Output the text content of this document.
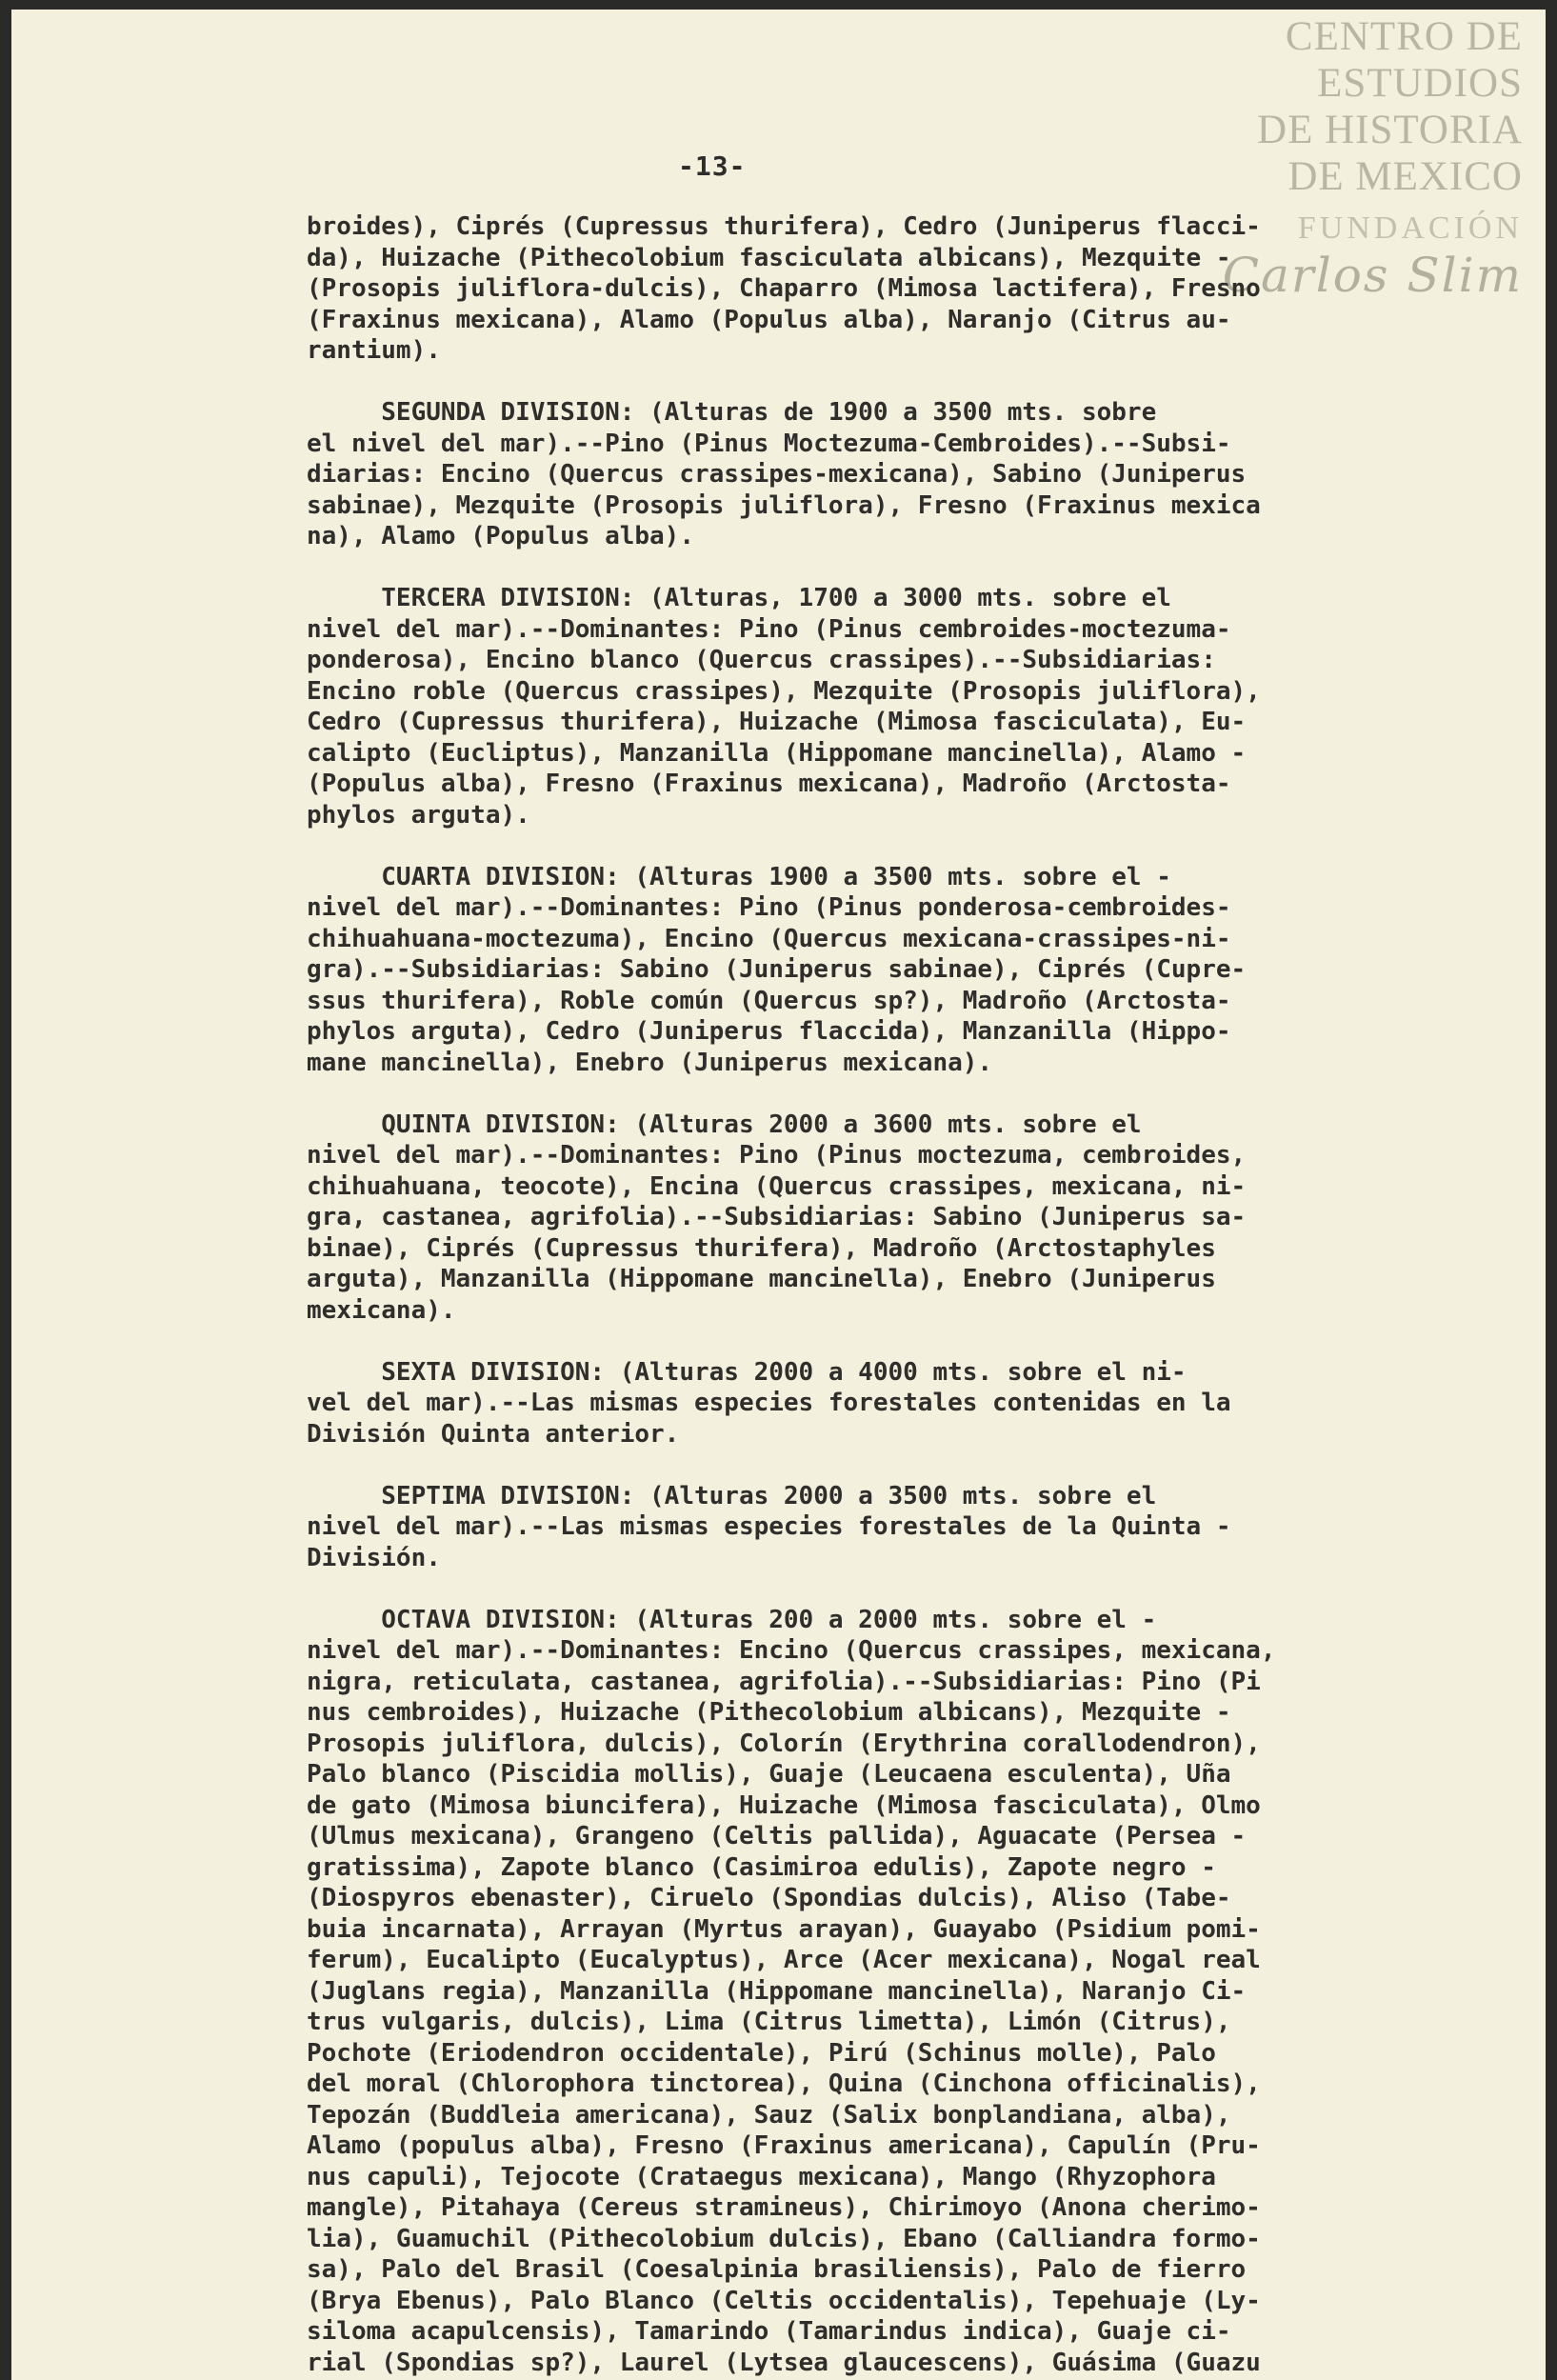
CENTRO DE
ESTUDIOS
DE HISTORIA
DE MEXICO
FUNDACIÓN
Carlos Slim
-13-
broides), Ciprés (Cupressus thurifera), Cedro (Juniperus flacci-
da), Huizache (Pithecolobium fasciculata albicans), Mezquite -
(Prosopis juliflora-dulcis), Chaparro (Mimosa lactifera), Fresno
(Fraxinus mexicana), Alamo (Populus alba), Naranjo (Citrus au-
rantium).
SEGUNDA DIVISION: (Alturas de 1900 a 3500 mts. sobre
el nivel del mar).--Pino (Pinus Moctezuma-Cembroides).--Subsi-
diarias: Encino (Quercus crassipes-mexicana), Sabino (Juniperus
sabinae), Mezquite (Prosopis juliflora), Fresno (Fraxinus mexica
na), Alamo (Populus alba).
TERCERA DIVISION: (Alturas, 1700 a 3000 mts. sobre el
nivel del mar).--Dominantes: Pino (Pinus cembroides-moctezuma-
ponderosa), Encino blanco (Quercus crassipes).--Subsidiarias:
Encino roble (Quercus crassipes), Mezquite (Prosopis juliflora),
Cedro (Cupressus thurifera), Huizache (Mimosa fasciculata), Eu-
calipto (Eucliptus), Manzanilla (Hippomane mancinella), Alamo -
(Populus alba), Fresno (Fraxinus mexicana), Madroño (Arctosta-
phylos arguta).
CUARTA DIVISION: (Alturas 1900 a 3500 mts. sobre el -
nivel del mar).--Dominantes: Pino (Pinus ponderosa-cembroides-
chihuahuana-moctezuma), Encino (Quercus mexicana-crassipes-ni-
gra).--Subsidiarias: Sabino (Juniperus sabinae), Ciprés (Cupre-
ssus thurifera), Roble común (Quercus sp?), Madroño (Arctosta-
phylos arguta), Cedro (Juniperus flaccida), Manzanilla (Hippo-
mane mancinella), Enebro (Juniperus mexicana).
QUINTA DIVISION: (Alturas 2000 a 3600 mts. sobre el
nivel del mar).--Dominantes: Pino (Pinus moctezuma, cembroides,
chihuahuana, teocote), Encina (Quercus crassipes, mexicana, ni-
gra, castanea, agrifolia).--Subsidiarias: Sabino (Juniperus sa-
binae), Ciprés (Cupressus thurifera), Madroño (Arctostaphyles
arguta), Manzanilla (Hippomane mancinella), Enebro (Juniperus
mexicana).
SEXTA DIVISION: (Alturas 2000 a 4000 mts. sobre el ni-
vel del mar).--Las mismas especies forestales contenidas en la
División Quinta anterior.
SEPTIMA DIVISION: (Alturas 2000 a 3500 mts. sobre el
nivel del mar).--Las mismas especies forestales de la Quinta -
División.
OCTAVA DIVISION: (Alturas 200 a 2000 mts. sobre el -
nivel del mar).--Dominantes: Encino (Quercus crassipes, mexicana,
nigra, reticulata, castanea, agrifolia).--Subsidiarias: Pino (Pi
nus cembroides), Huizache (Pithecolobium albicans), Mezquite -
Prosopis juliflora, dulcis), Colorín (Erythrina corallodendron),
Palo blanco (Piscidia mollis), Guaje (Leucaena esculenta), Uña
de gato (Mimosa biuncifera), Huizache (Mimosa fasciculata), Olmo
(Ulmus mexicana), Grangeno (Celtis pallida), Aguacate (Persea -
gratissima), Zapote blanco (Casimiroa edulis), Zapote negro -
(Diospyros ebenaster), Ciruelo (Spondias dulcis), Aliso (Tabe-
buia incarnata), Arrayan (Myrtus arayan), Guayabo (Psidium pomi-
ferum), Eucalipto (Eucalyptus), Arce (Acer mexicana), Nogal real
(Juglans regia), Manzanilla (Hippomane mancinella), Naranjo Ci-
trus vulgaris, dulcis), Lima (Citrus limetta), Limón (Citrus),
Pochote (Eriodendron occidentale), Pirú (Schinus molle), Palo
del moral (Chlorophora tinctorea), Quina (Cinchona officinalis),
Tepozán (Buddleia americana), Sauz (Salix bonplandiana, alba),
Alamo (populus alba), Fresno (Fraxinus americana), Capulín (Pru-
nus capuli), Tejocote (Crataegus mexicana), Mango (Rhyzophora
mangle), Pitahaya (Cereus stramineus), Chirimoyo (Anona cherimo-
lia), Guamuchil (Pithecolobium dulcis), Ebano (Calliandra formo-
sa), Palo del Brasil (Coesalpinia brasiliensis), Palo de fierro
(Brya Ebenus), Palo Blanco (Celtis occidentalis), Tepehuaje (Ly-
siloma acapulcensis), Tamarindo (Tamarindus indica), Guaje ci-
rial (Spondias sp?), Laurel (Lytsea glaucescens), Guásima (Guazu
